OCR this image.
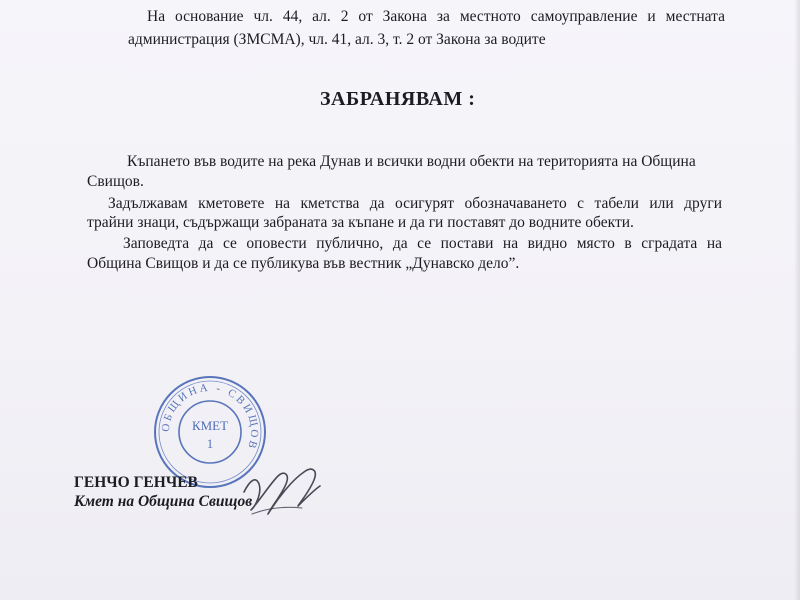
На основание чл. 44, ал. 2 от Закона за местното самоуправление и местната
администрация (ЗМСМА), чл. 41, ал. 3, т. 2 от Закона за водите
ЗАБРАНЯВАМ :
Къпането във водите на река Дунав и всички водни обекти на територията на Община
Свищов.
Задължавам кметовете на кметства да осигурят обозначаването с табели или други
трайни знаци, съдържащи забраната за къпане и да ги поставят до водните обекти.
Заповедта да се оповести публично, да се постави на видно място в сградата на
Община Свищов и да се публикува във вестник „Дунавско дело”.
ОБЩИНА - СВИЩОВ
КМЕТ
1
ГЕНЧО ГЕНЧЕВ
Кмет на Община Свищов
